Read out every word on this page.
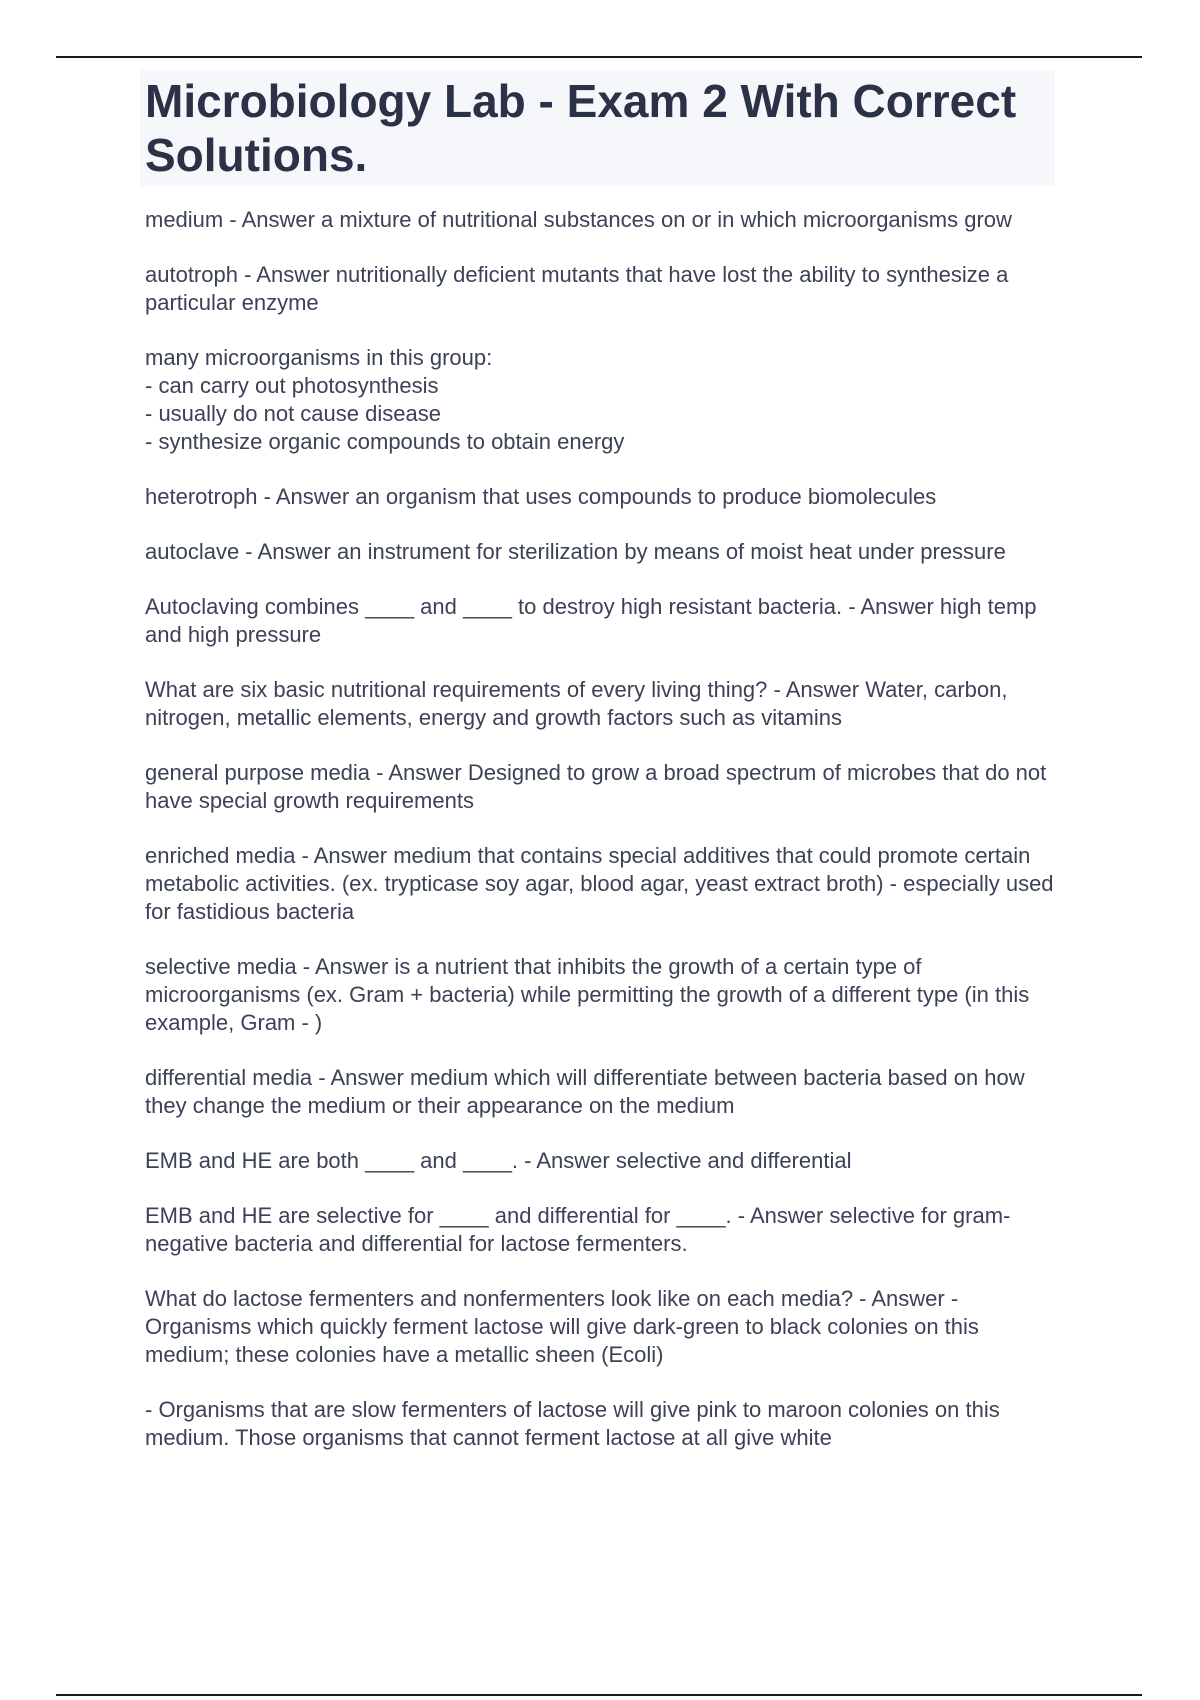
Microbiology Lab - Exam 2 With Correct Solutions.

medium - Answer a mixture of nutritional substances on or in which microorganisms grow

autotroph - Answer nutritionally deficient mutants that have lost the ability to synthesize a particular enzyme

many microorganisms in this group:
- can carry out photosynthesis
- usually do not cause disease
- synthesize organic compounds to obtain energy

heterotroph - Answer an organism that uses compounds to produce biomolecules

autoclave - Answer an instrument for sterilization by means of moist heat under pressure

Autoclaving combines ____ and ____ to destroy high resistant bacteria. - Answer high temp and high pressure

What are six basic nutritional requirements of every living thing? - Answer Water, carbon, nitrogen, metallic elements, energy and growth factors such as vitamins

general purpose media - Answer Designed to grow a broad spectrum of microbes that do not have special growth requirements

enriched media - Answer medium that contains special additives that could promote certain metabolic activities. (ex. trypticase soy agar, blood agar, yeast extract broth) - especially used for fastidious bacteria

selective media - Answer is a nutrient that inhibits the growth of a certain type of microorganisms (ex. Gram + bacteria) while permitting the growth of a different type (in this example, Gram - )

differential media - Answer medium which will differentiate between bacteria based on how they change the medium or their appearance on the medium

EMB and HE are both ____ and ____. - Answer selective and differential

EMB and HE are selective for ____ and differential for ____. - Answer selective for gram-negative bacteria and differential for lactose fermenters.

What do lactose fermenters and nonfermenters look like on each media? - Answer - Organisms which quickly ferment lactose will give dark-green to black colonies on this medium; these colonies have a metallic sheen (Ecoli)

- Organisms that are slow fermenters of lactose will give pink to maroon colonies on this medium. Those organisms that cannot ferment lactose at all give white
